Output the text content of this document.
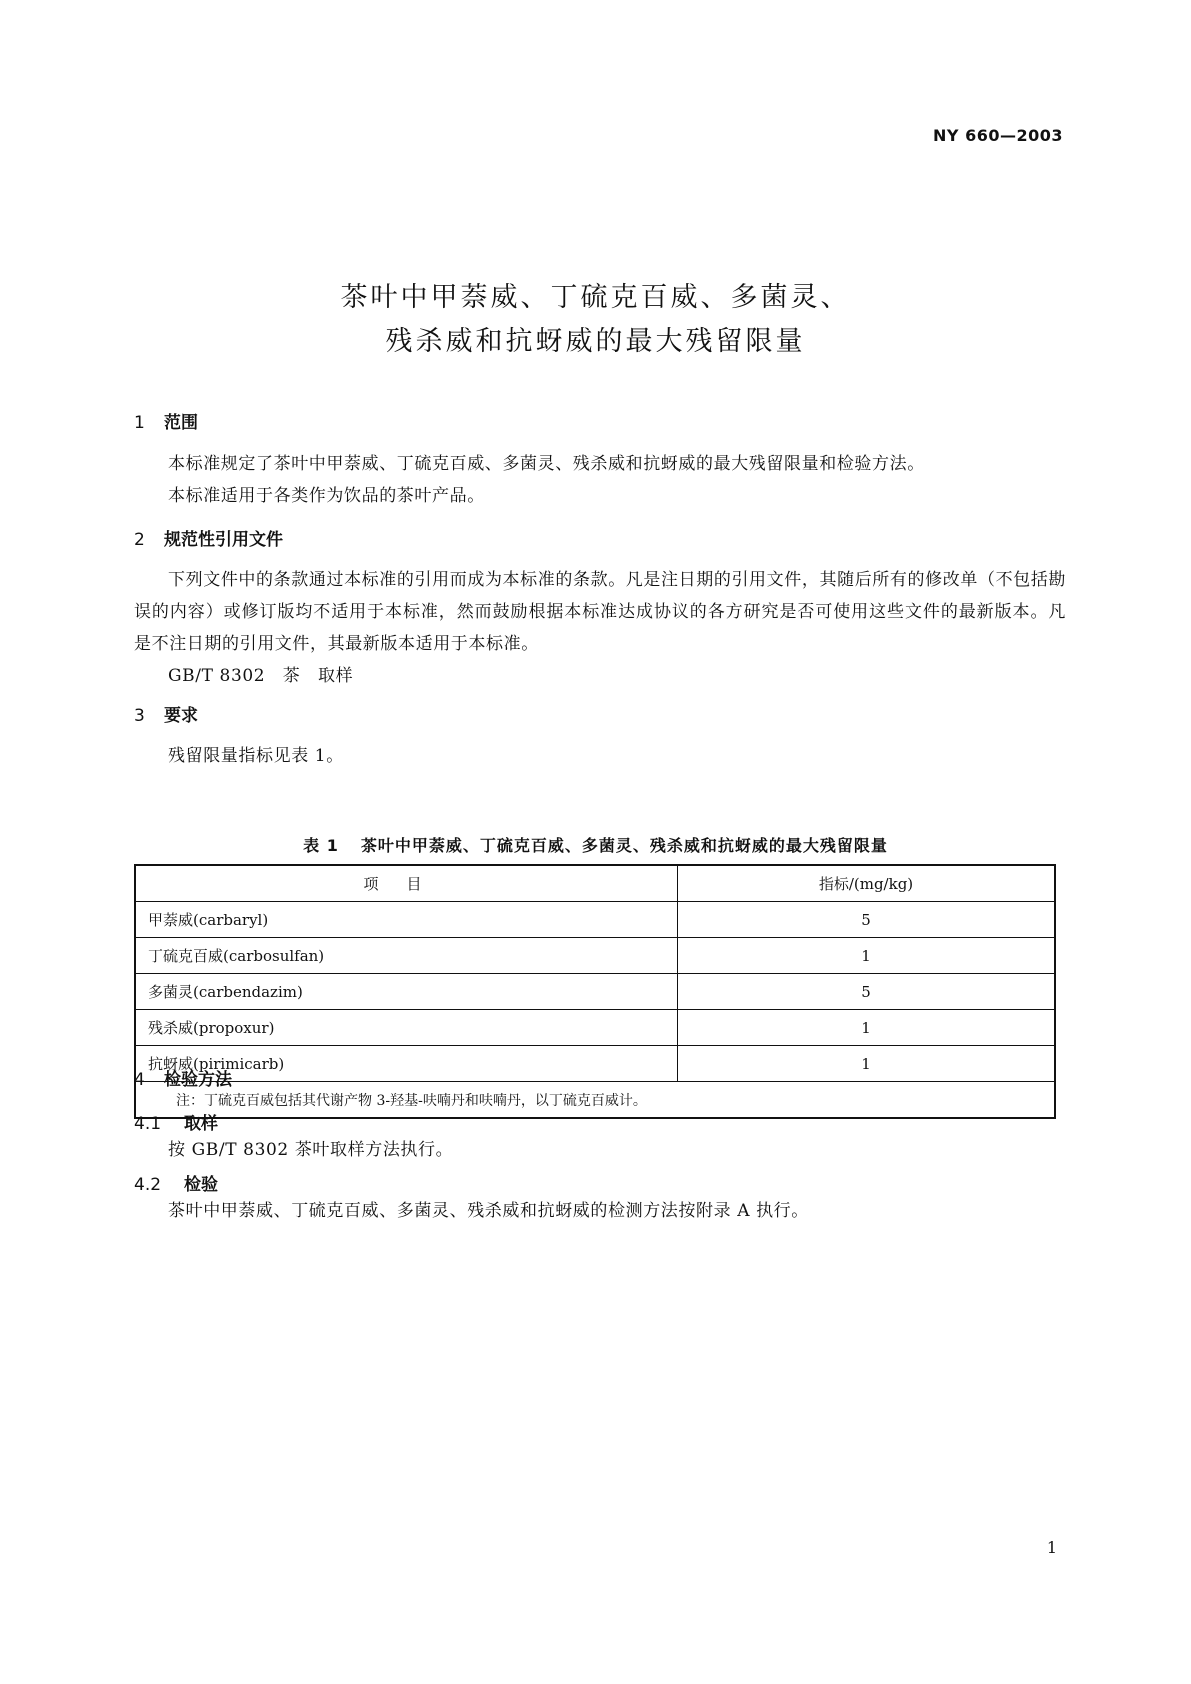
NY 660—2003
茶叶中甲萘威、丁硫克百威、多菌灵、
残杀威和抗蚜威的最大残留限量
1 范围

本标准规定了茶叶中甲萘威、丁硫克百威、多菌灵、残杀威和抗蚜威的最大残留限量和检验方法。

本标准适用于各类作为饮品的茶叶产品。

2 规范性引用文件

下列文件中的条款通过本标准的引用而成为本标准的条款。凡是注日期的引用文件，其随后所有的修改单（不包括勘误的内容）或修订版均不适用于本标准，然而鼓励根据本标准达成协议的各方研究是否可使用这些文件的最新版本。凡是不注日期的引用文件，其最新版本适用于本标准。

GB/T 8302　茶　取样

3 要求

残留限量指标见表 1。

表 1 茶叶中甲萘威、丁硫克百威、多菌灵、残杀威和抗蚜威的最大残留限量
项目	指标/(mg/kg)
甲萘威(carbaryl)	5
丁硫克百威(carbosulfan)	1
多菌灵(carbendazim)	5
残杀威(propoxur)	1
抗蚜威(pirimicarb)	1
注：丁硫克百威包括其代谢产物 3-羟基-呋喃丹和呋喃丹，以丁硫克百威计。	
4 检验方法
4.1 取样

按 GB/T 8302 茶叶取样方法执行。

4.2 检验

茶叶中甲萘威、丁硫克百威、多菌灵、残杀威和抗蚜威的检测方法按附录 A 执行。

1
